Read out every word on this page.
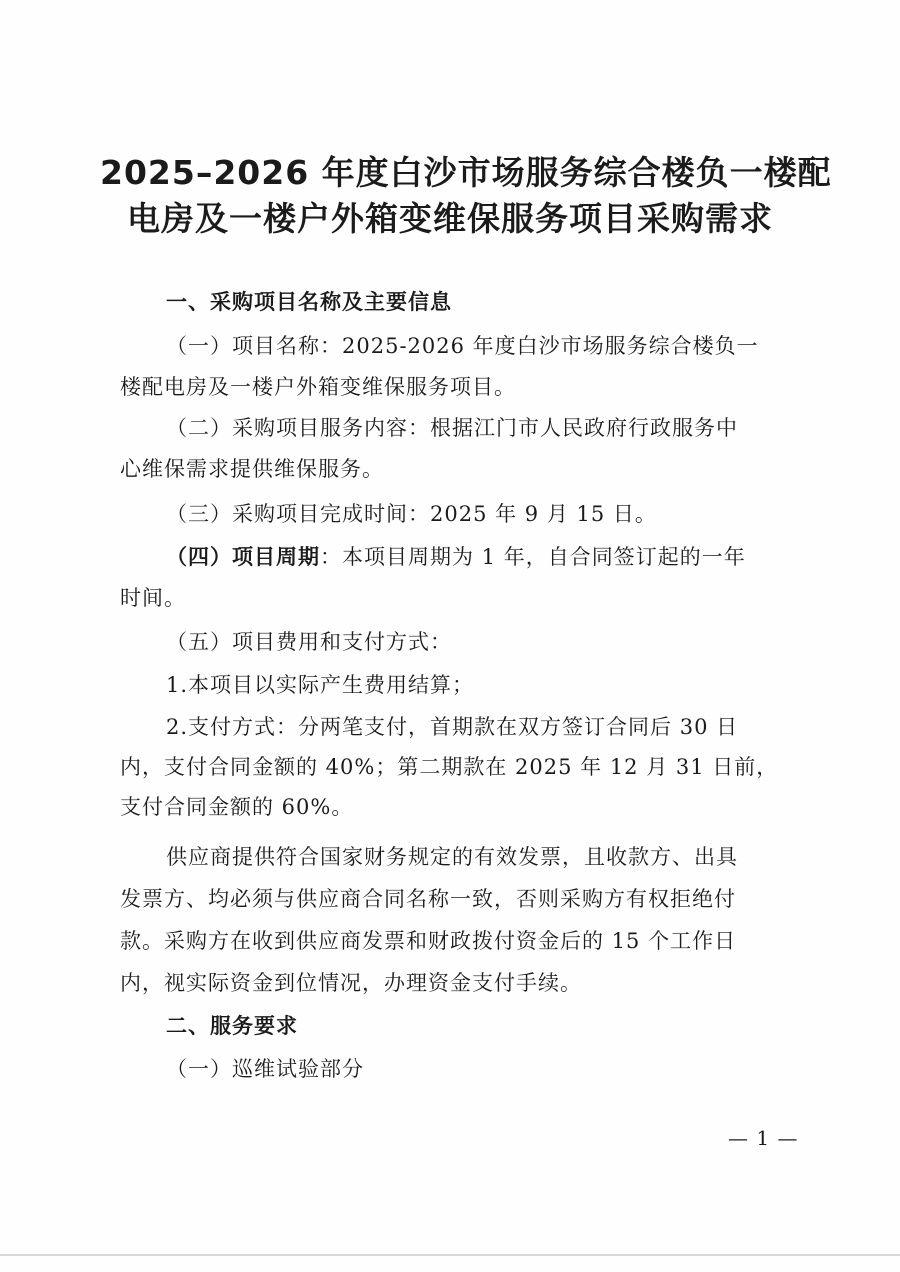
2025–2026 年度白沙市场服务综合楼负一楼配
电房及一楼户外箱变维保服务项目采购需求
一、采购项目名称及主要信息
（一）项目名称：2025-2026 年度白沙市场服务综合楼负一
楼配电房及一楼户外箱变维保服务项目。
（二）采购项目服务内容：根据江门市人民政府行政服务中
心维保需求提供维保服务。
（三）采购项目完成时间：2025 年 9 月 15 日。
（四）项目周期：本项目周期为 1 年，自合同签订起的一年
时间。
（五）项目费用和支付方式：
1.本项目以实际产生费用结算；
2.支付方式：分两笔支付，首期款在双方签订合同后 30 日
内，支付合同金额的 40%；第二期款在 2025 年 12 月 31 日前，
支付合同金额的 60%。
供应商提供符合国家财务规定的有效发票，且收款方、出具
发票方、均必须与供应商合同名称一致，否则采购方有权拒绝付
款。采购方在收到供应商发票和财政拨付资金后的 15 个工作日
内，视实际资金到位情况，办理资金支付手续。
二、服务要求
（一）巡维试验部分
— 1 —
